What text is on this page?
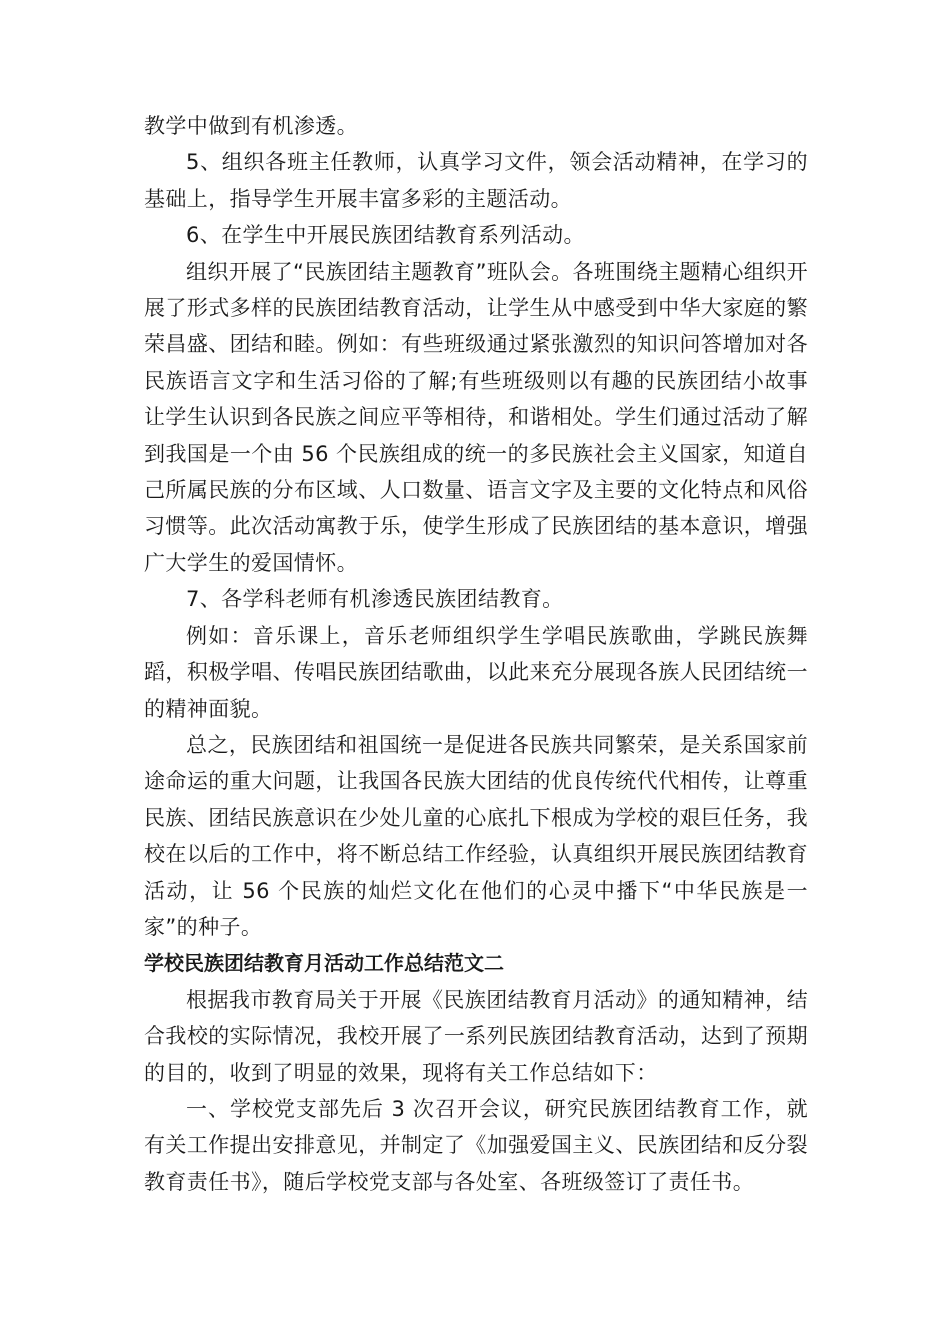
教学中做到有机渗透。

5、组织各班主任教师，认真学习文件，领会活动精神，在学习的基础上，指导学生开展丰富多彩的主题活动。

6、在学生中开展民族团结教育系列活动。

组织开展了“民族团结主题教育”班队会。各班围绕主题精心组织开展了形式多样的民族团结教育活动，让学生从中感受到中华大家庭的繁荣昌盛、团结和睦。例如：有些班级通过紧张激烈的知识问答增加对各民族语言文字和生活习俗的了解;有些班级则以有趣的民族团结小故事让学生认识到各民族之间应平等相待，和谐相处。学生们通过活动了解到我国是一个由 56 个民族组成的统一的多民族社会主义国家，知道自己所属民族的分布区域、人口数量、语言文字及主要的文化特点和风俗习惯等。此次活动寓教于乐，使学生形成了民族团结的基本意识，增强广大学生的爱国情怀。

7、各学科老师有机渗透民族团结教育。

例如：音乐课上，音乐老师组织学生学唱民族歌曲，学跳民族舞蹈，积极学唱、传唱民族团结歌曲，以此来充分展现各族人民团结统一的精神面貌。

总之，民族团结和祖国统一是促进各民族共同繁荣，是关系国家前途命运的重大问题，让我国各民族大团结的优良传统代代相传，让尊重民族、团结民族意识在少处儿童的心底扎下根成为学校的艰巨任务，我校在以后的工作中，将不断总结工作经验，认真组织开展民族团结教育活动，让 56 个民族的灿烂文化在他们的心灵中播下“中华民族是一家”的种子。

学校民族团结教育月活动工作总结范文二

根据我市教育局关于开展《民族团结教育月活动》的通知精神，结合我校的实际情况，我校开展了一系列民族团结教育活动，达到了预期的目的，收到了明显的效果，现将有关工作总结如下：

一、学校党支部先后 3 次召开会议，研究民族团结教育工作，就有关工作提出安排意见，并制定了《加强爱国主义、民族团结和反分裂教育责任书》，随后学校党支部与各处室、各班级签订了责任书。
